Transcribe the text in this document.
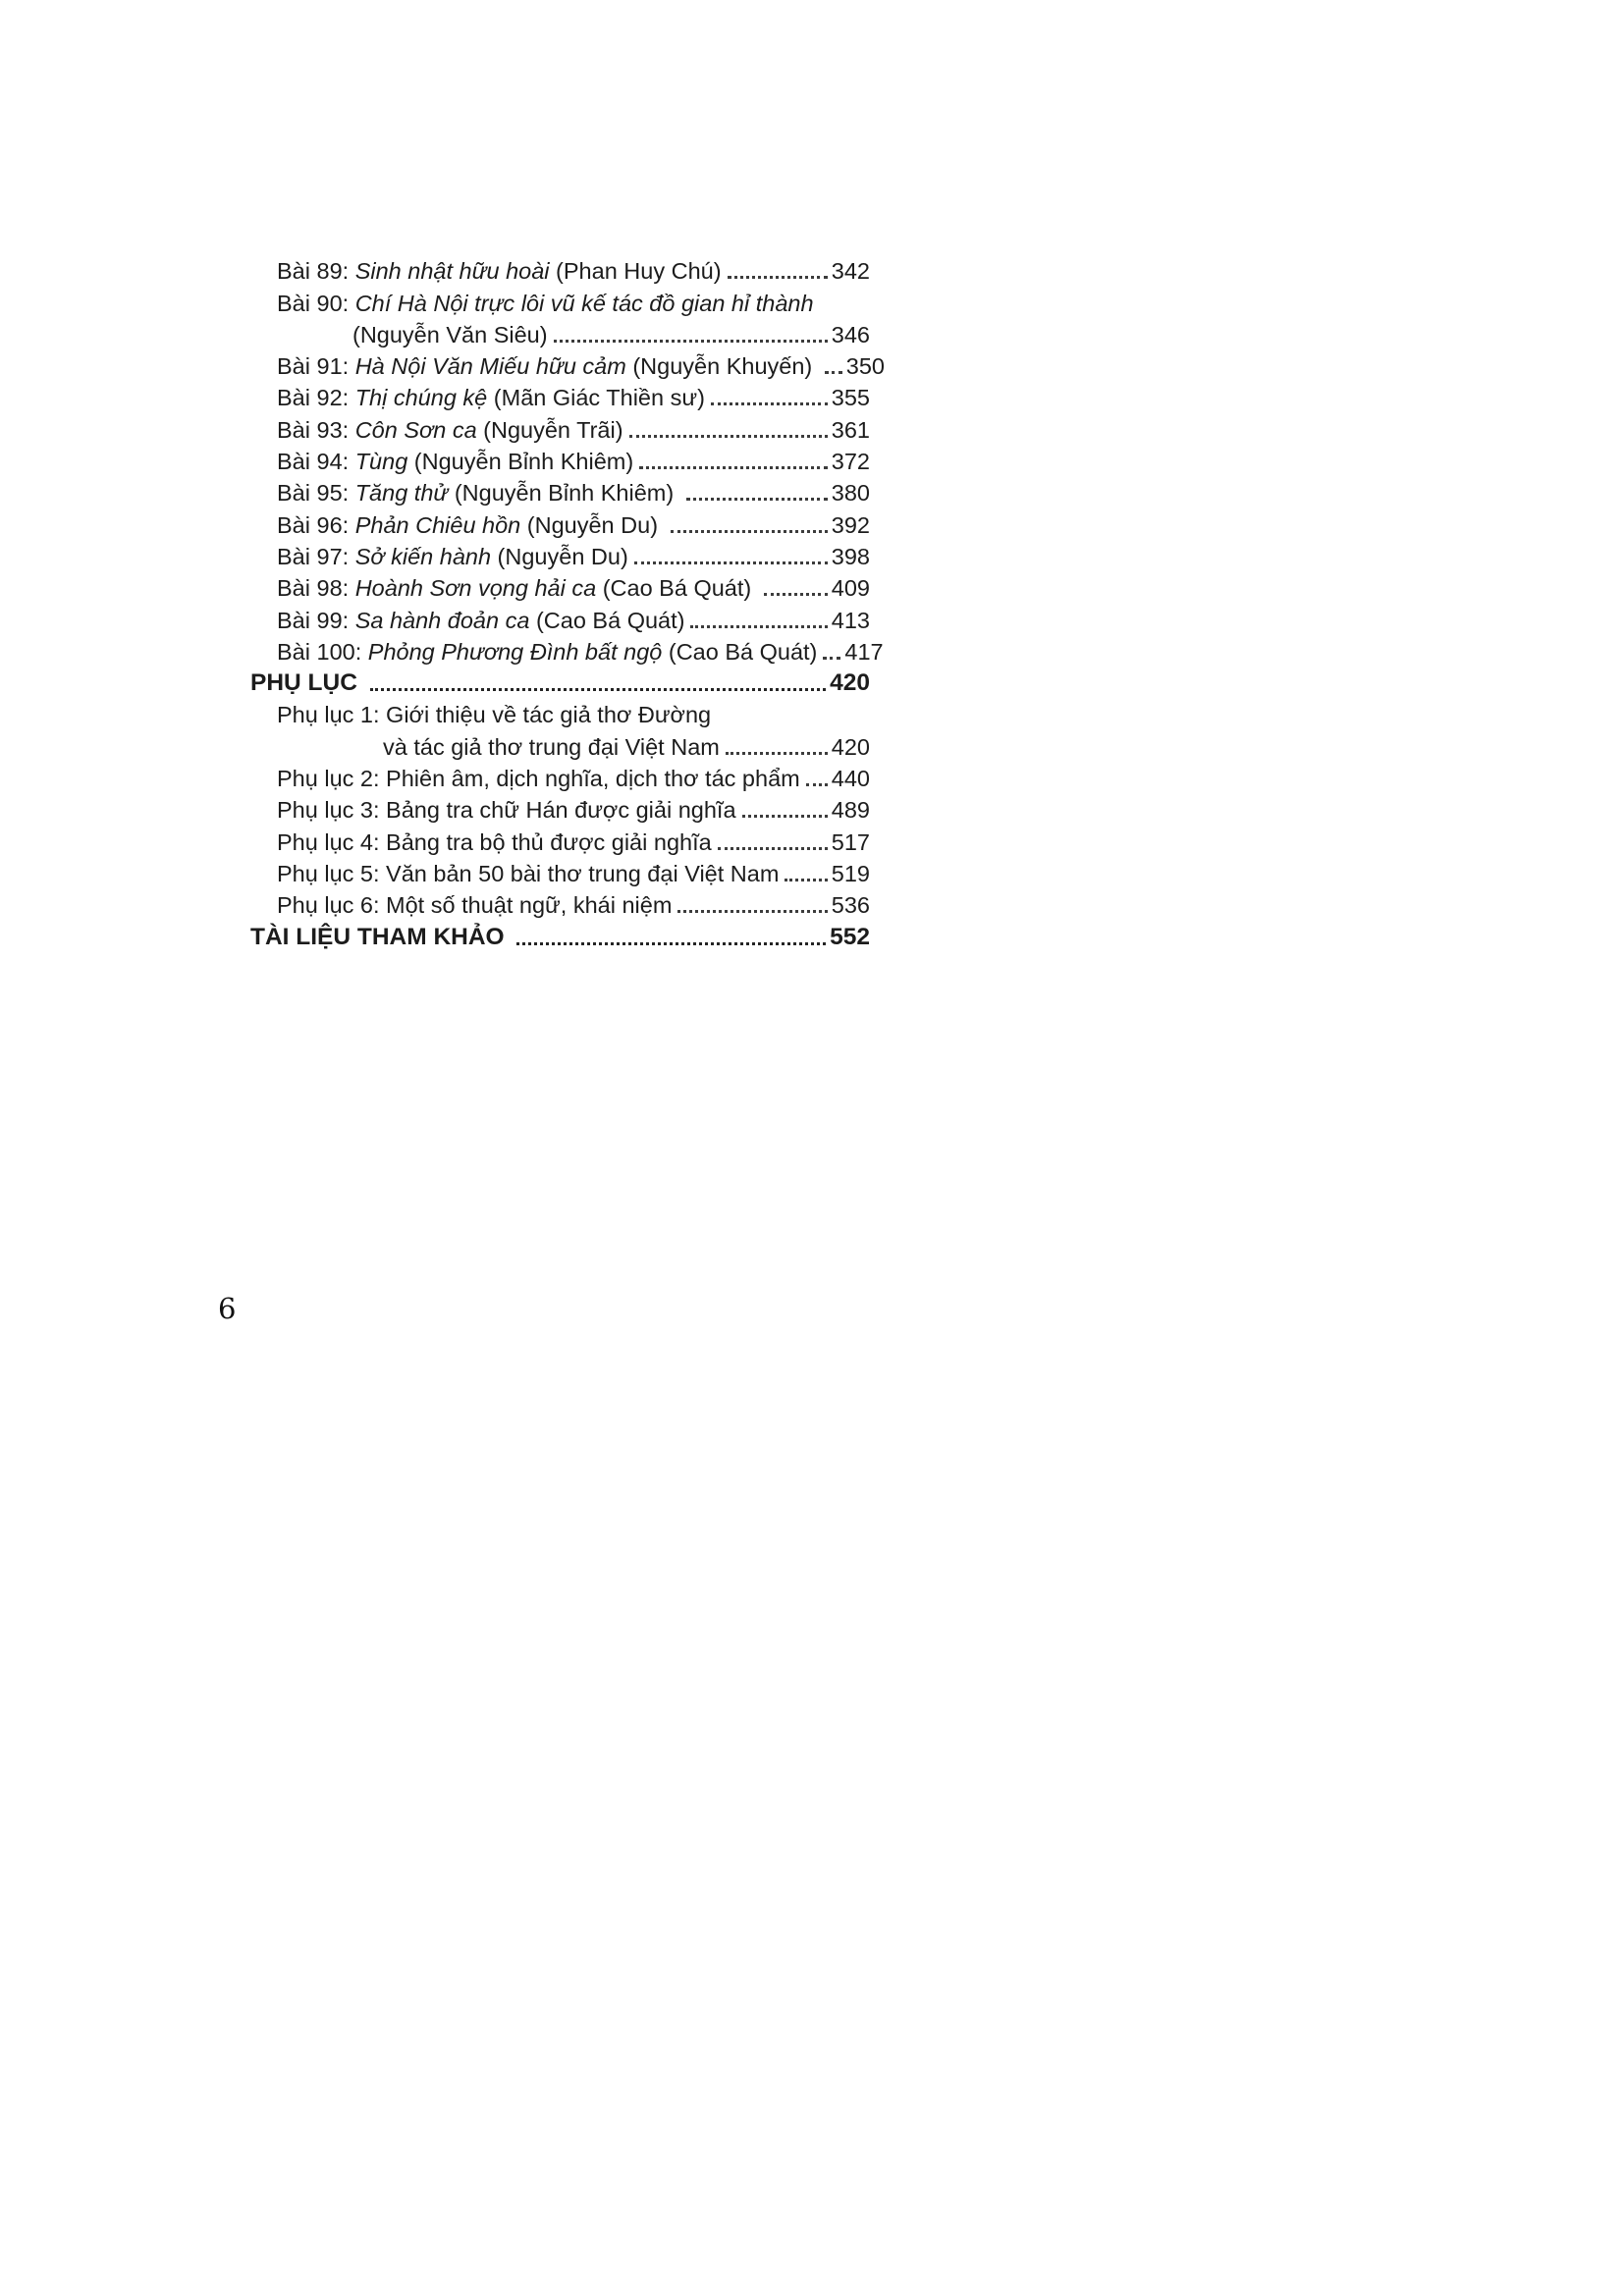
Bài 89: Sinh nhật hữu hoài (Phan Huy Chú)	342
Bài 90: Chí Hà Nội trực lôi vũ kế tác đồ gian hỉ thành
(Nguyễn Văn Siêu)	346
Bài 91: Hà Nội Văn Miếu hữu cảm (Nguyễn Khuyến) 350
Bài 92: Thị chúng kệ (Mãn Giác Thiền sư)	355
Bài 93: Côn Sơn ca (Nguyễn Trãi)	361
Bài 94: Tùng (Nguyễn Bỉnh Khiêm)	372
Bài 95: Tăng thử (Nguyễn Bỉnh Khiêm)	380
Bài 96: Phản Chiêu hồn (Nguyễn Du)	392
Bài 97: Sở kiến hành (Nguyễn Du)	398
Bài 98: Hoành Sơn vọng hải ca (Cao Bá Quát)	409
Bài 99: Sa hành đoản ca (Cao Bá Quát)	413
Bài 100: Phỏng Phương Đình bất ngộ (Cao Bá Quát) 417
PHỤ LỤC	420
Phụ lục 1: Giới thiệu về tác giả thơ Đường
và tác giả thơ trung đại Việt Nam	420
Phụ lục 2: Phiên âm, dịch nghĩa, dịch thơ tác phẩm 440
Phụ lục 3: Bảng tra chữ Hán được giải nghĩa	489
Phụ lục 4: Bảng tra bộ thủ được giải nghĩa	517
Phụ lục 5: Văn bản 50 bài thơ trung đại Việt Nam 519
Phụ lục 6: Một số thuật ngữ, khái niệm	536
TÀI LIỆU THAM KHẢO	552
6
